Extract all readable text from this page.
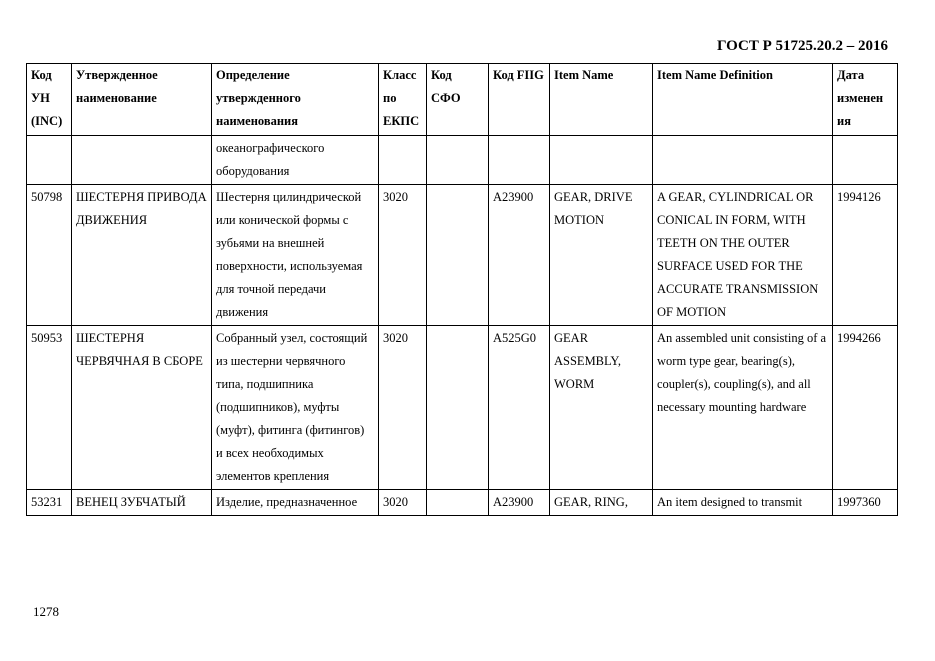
ГОСТ Р 51725.20.2 – 2016
Код УН (INC)	Утвержденное наименование	Определение утвержденного наименования	Класс по ЕКПС	Код СФО	Код FIIG	Item Name	Item Name Definition	Дата изменен ия
		океанографического оборудования						
50798	ШЕСТЕРНЯ ПРИВОДА ДВИЖЕНИЯ	Шестерня цилиндрической или конической формы с зубьями на внешней поверхности, используемая для точной передачи движения	3020		A23900	GEAR, DRIVE MOTION	A GEAR, CYLINDRICAL OR CONICAL IN FORM, WITH TEETH ON THE OUTER SURFACE USED FOR THE ACCURATE TRANSMISSION OF MOTION	1994126
50953	ШЕСТЕРНЯ ЧЕРВЯЧНАЯ В СБОРЕ	Собранный узел, состоящий из шестерни червячного типа, подшипника (подшипников), муфты (муфт), фитинга (фитингов) и всех необходимых элементов крепления	3020		A525G0	GEAR ASSEMBLY, WORM	An assembled unit consisting of a worm type gear, bearing(s), coupler(s), coupling(s), and all necessary mounting hardware	1994266
53231	ВЕНЕЦ ЗУБЧАТЫЙ	Изделие, предназначенное	3020		A23900	GEAR, RING,	An item designed to transmit	1997360
1278
